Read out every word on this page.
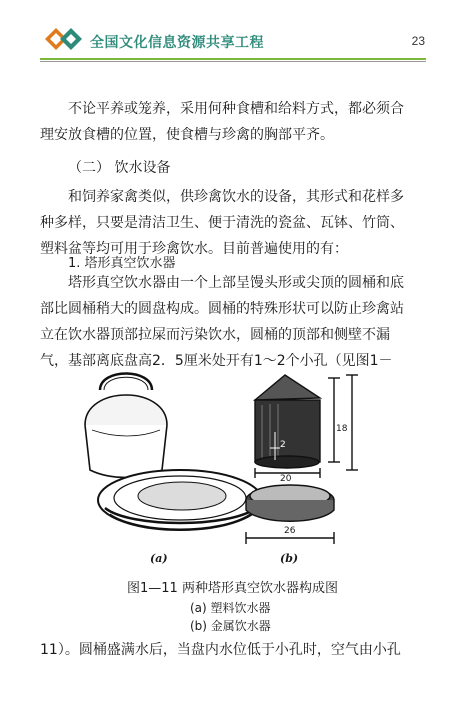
全国文化信息资源共享工程	23
不论平养或笼养，采用何种食槽和给料方式，都必须合
理安放食槽的位置，使食槽与珍禽的胸部平齐。
（二） 饮水设备
和饲养家禽类似，供珍禽饮水的设备，其形式和花样多
种多样，只要是清洁卫生、便于清洗的瓷盆、瓦钵、竹筒、
塑料盆等均可用于珍禽饮水。目前普遍使用的有：
1. 塔形真空饮水器
塔形真空饮水器由一个上部呈馒头形或尖顶的圆桶和底
部比圆桶稍大的圆盘构成。圆桶的特殊形状可以防止珍禽站
立在饮水器顶部拉屎而污染饮水，圆桶的顶部和侧壁不漏
气，基部离底盘高2．5厘米处开有1～2个小孔（见图1－
(a)	(b)
2
18
20
26
图1—11 两种塔形真空饮水器构成图
(a) 塑料饮水器
(b) 金属饮水器
11）。圆桶盛满水后，当盘内水位低于小孔时，空气由小孔
